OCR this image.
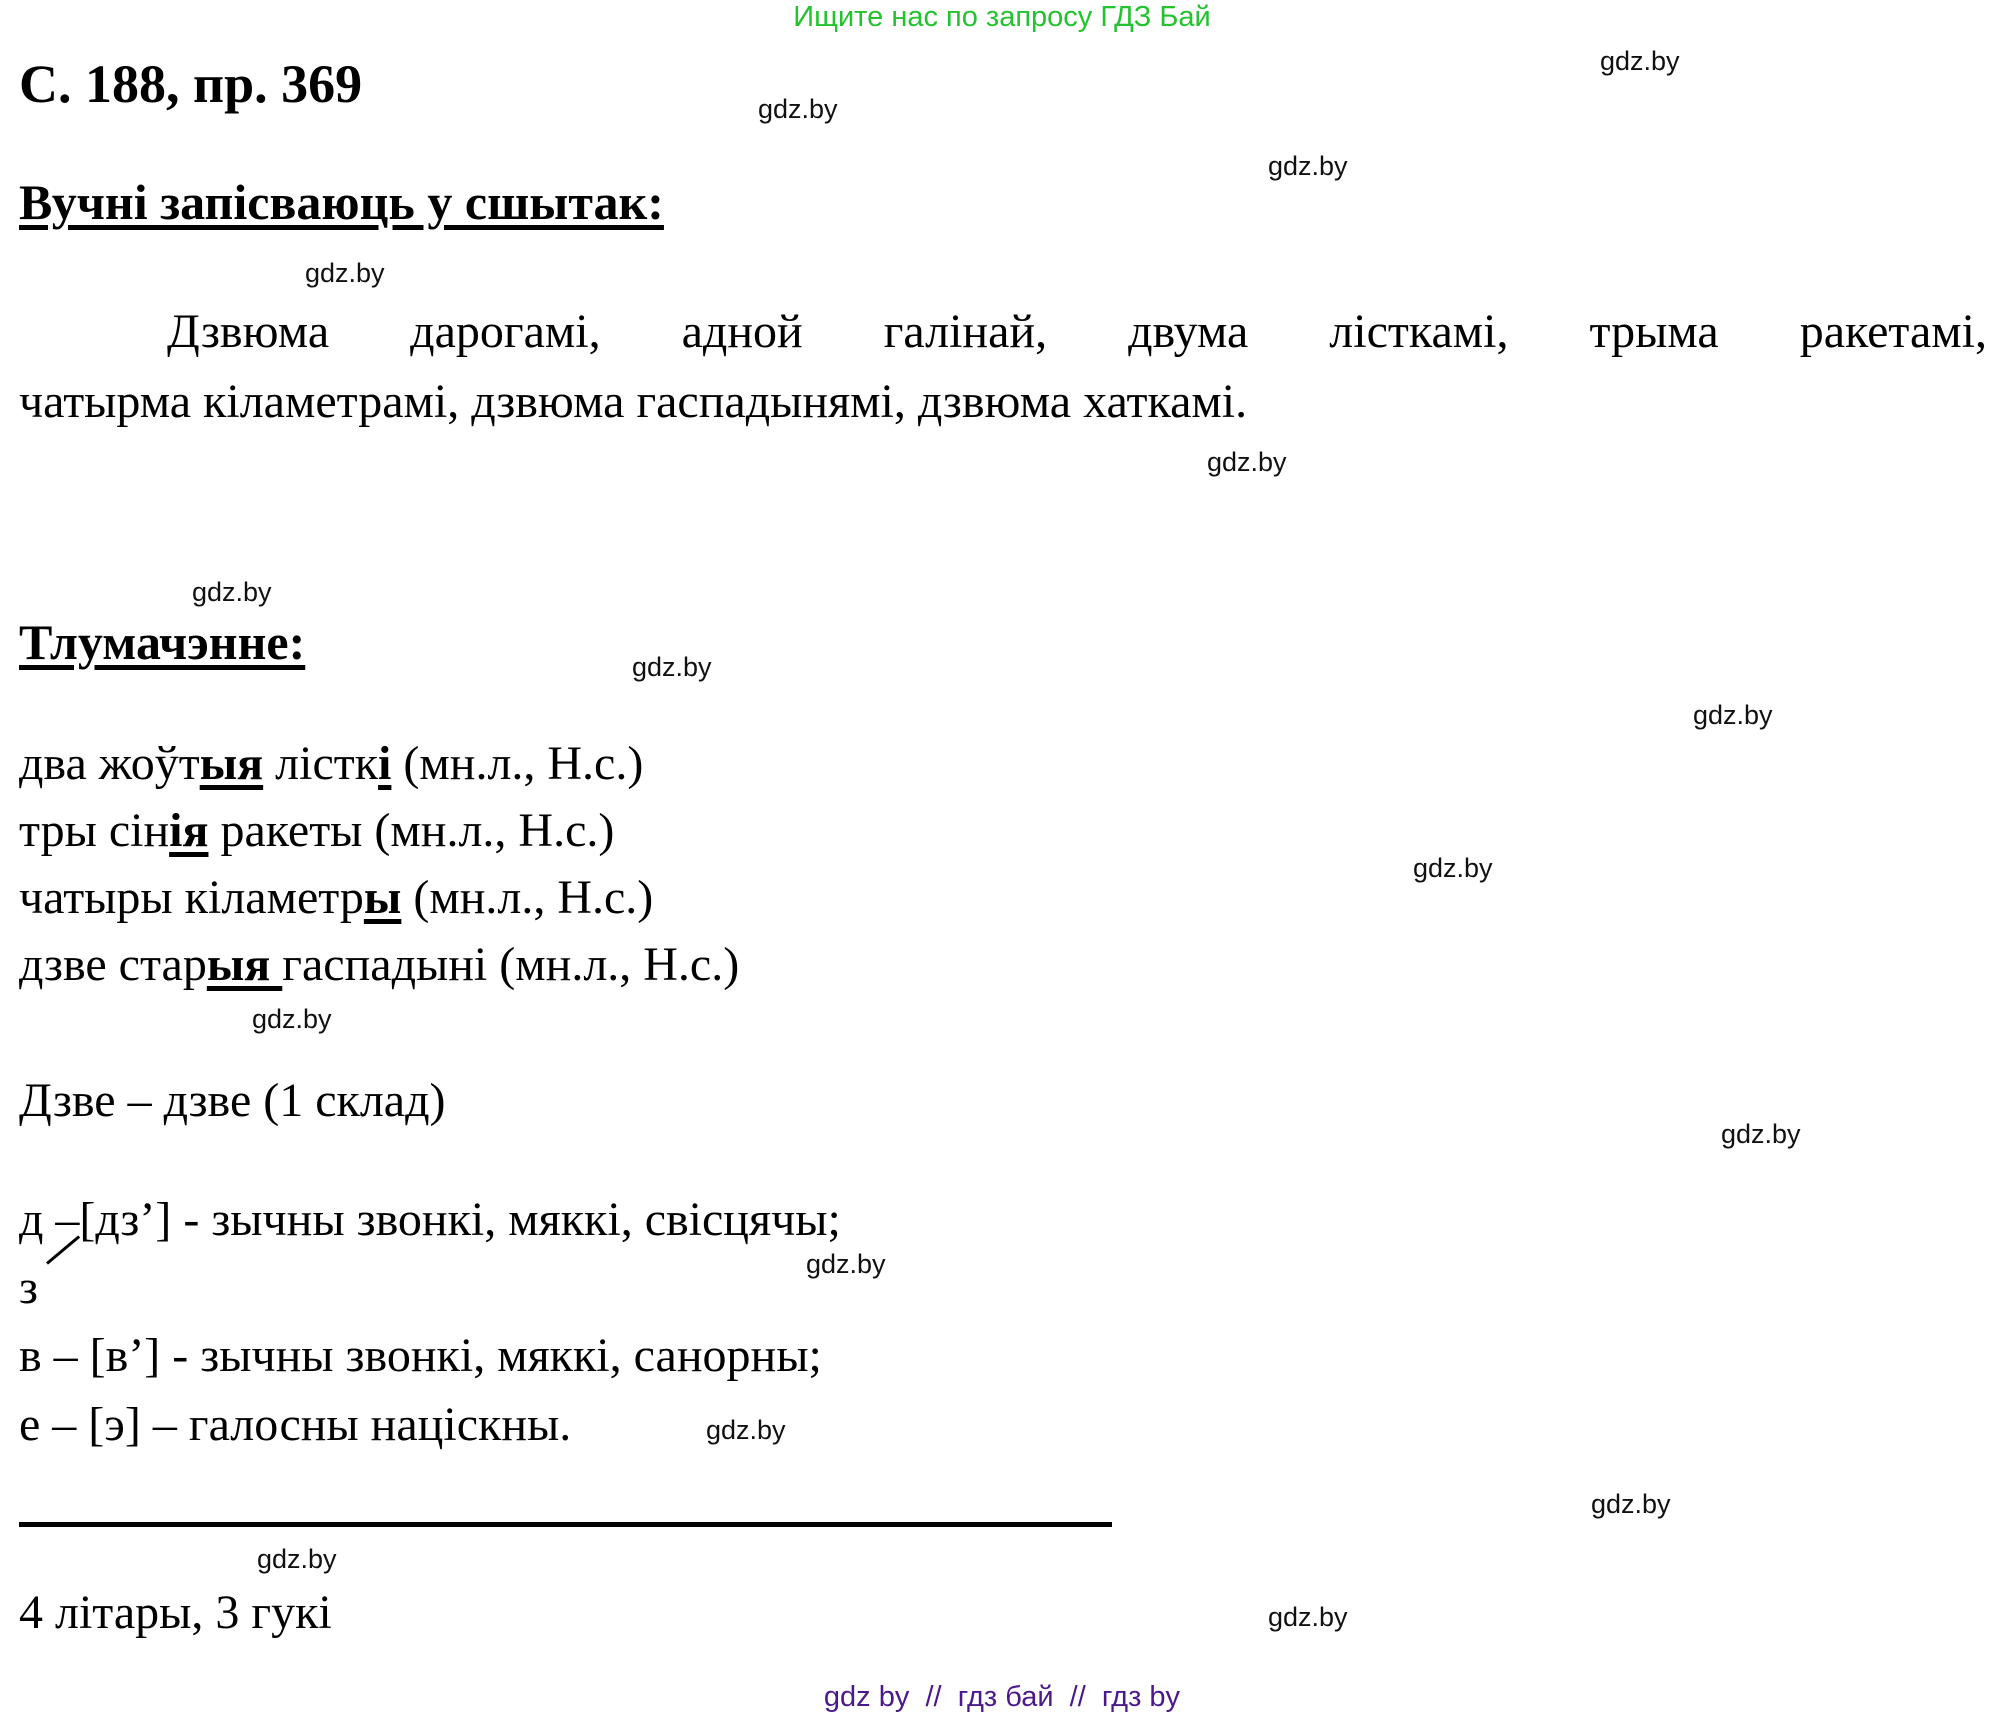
Ищите нас по запросу ГДЗ Бай
С. 188, пр. 369
Вучні запісваюць у сшытак:
Дзвюма дарогамі, адной галінай, двума лісткамі, трыма ракетамі,
чатырма кіламетрамі, дзвюма гаспадынямі, дзвюма хаткамі.
Тлумачэнне:
два жоўтыя лісткі (мн.л., Н.с.)
тры сінія ракеты (мн.л., Н.с.)
чатыры кіламетры (мн.л., Н.с.)
дзве старыя гаспадыні (мн.л., Н.с.)
Дзве – дзве (1 склад)
д –[дз’] - зычны звонкі, мяккі, свісцячы;
з
в – [в’] - зычны звонкі, мяккі, санорны;
е – [э] – галосны націскны.
4 літары, 3 гукі
gdz.by
gdz.by
gdz.by
gdz.by
gdz.by
gdz.by
gdz.by
gdz.by
gdz.by
gdz.by
gdz.by
gdz.by
gdz.by
gdz.by
gdz.by
gdz.by
gdz by  //  гдз бай  //  гдз by
